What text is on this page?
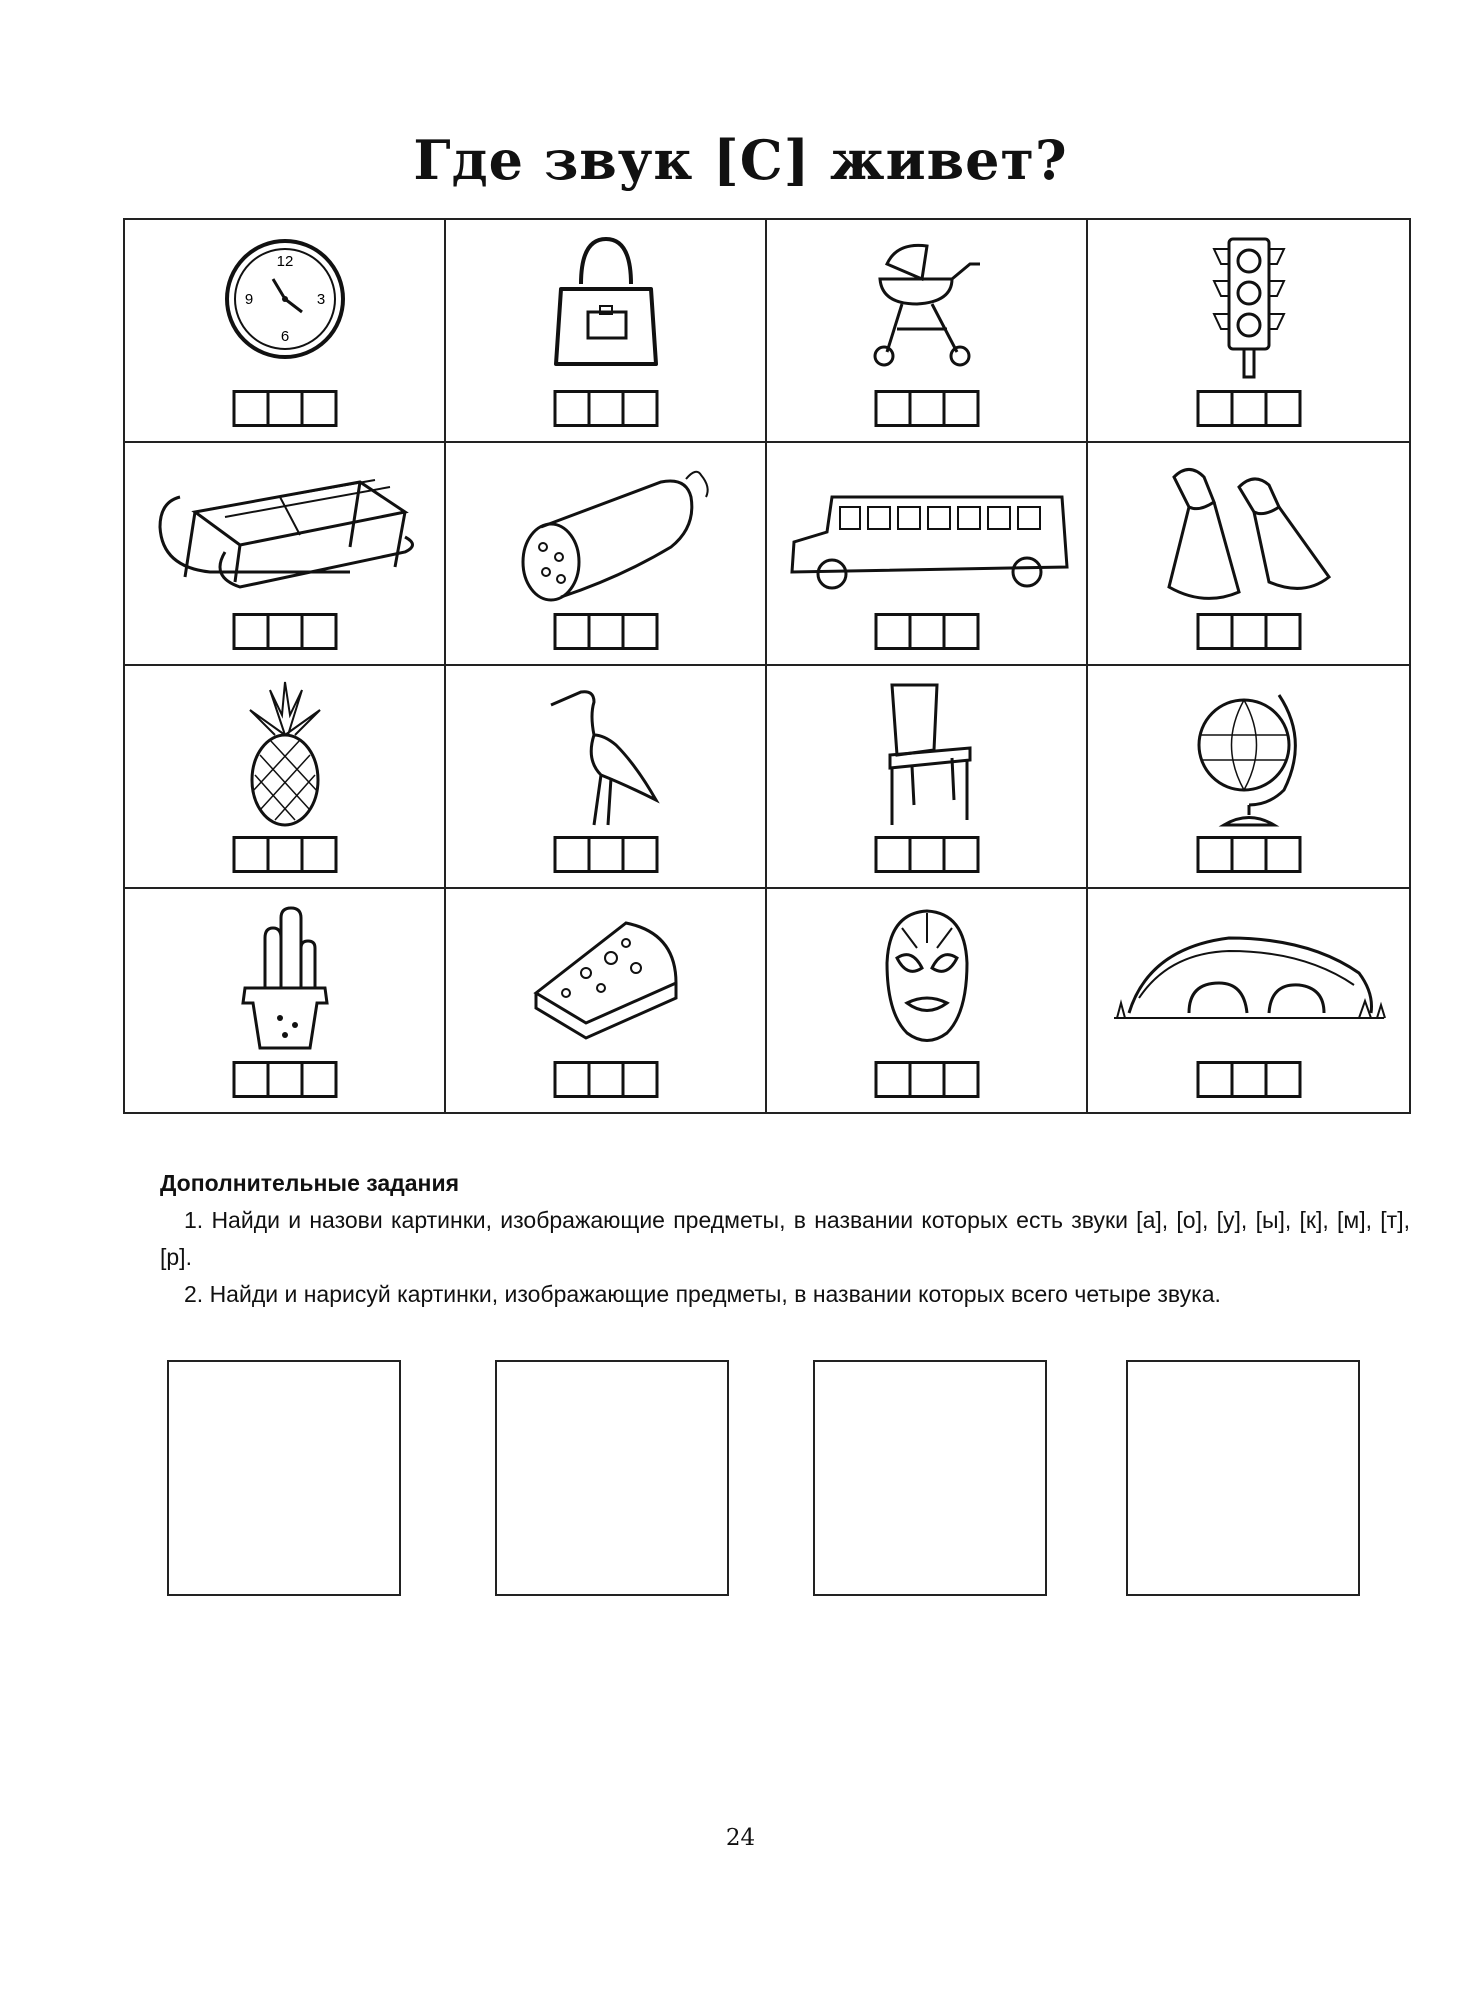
Где звук [С] живет?
12
3
6
9
Дополнительные задания

1. Найди и назови картинки, изображающие предметы, в названии которых есть звуки [а], [о], [у], [ы], [к], [м], [т], [р].

2. Найди и нарисуй картинки, изображающие предметы, в названии которых всего четыре звука.

24
